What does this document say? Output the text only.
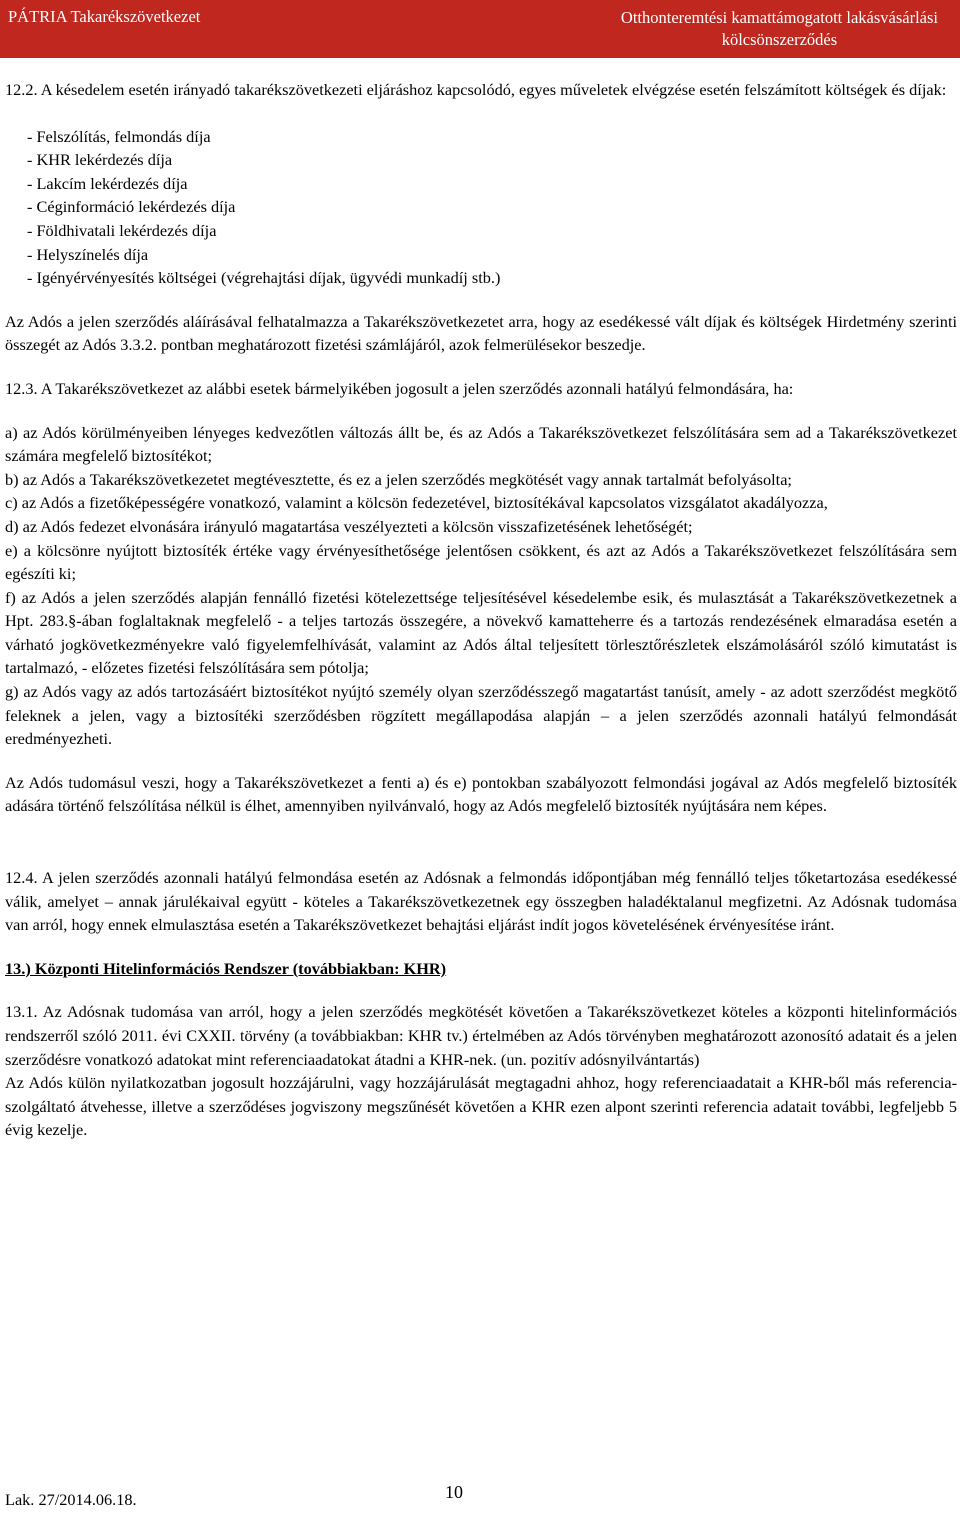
PÁTRIA Takarékszövetkezet	Otthonteremtési kamattámogatott lakásvásárlási
kölcsönszerződés

12.2. A késedelem esetén irányadó takarékszövetkezeti eljáráshoz kapcsolódó, egyes műveletek elvégzése esetén felszámított költségek és díjak:

- Felszólítás, felmondás díja
- KHR lekérdezés díja
- Lakcím lekérdezés díja
- Céginformáció lekérdezés díja
- Földhivatali lekérdezés díja
- Helyszínelés díja
- Igényérvényesítés költségei (végrehajtási díjak, ügyvédi munkadíj stb.)

Az Adós a jelen szerződés aláírásával felhatalmazza a Takarékszövetkezetet arra, hogy az esedékessé vált díjak és költségek Hirdetmény szerinti összegét az Adós 3.3.2. pontban meghatározott fizetési számlájáról, azok felmerülésekor beszedje.

12.3. A Takarékszövetkezet az alábbi esetek bármelyikében jogosult a jelen szerződés azonnali hatályú felmondására, ha:

a) az Adós körülményeiben lényeges kedvezőtlen változás állt be, és az Adós a Takarékszövetkezet felszólítására sem ad a Takarékszövetkezet számára megfelelő biztosítékot;

b) az Adós a Takarékszövetkezetet megtévesztette, és ez a jelen szerződés megkötését vagy annak tartalmát befolyásolta;

c) az Adós a fizetőképességére vonatkozó, valamint a kölcsön fedezetével, biztosítékával kapcsolatos vizsgálatot akadályozza,

d) az Adós fedezet elvonására irányuló magatartása veszélyezteti a kölcsön visszafizetésének lehetőségét;

e) a kölcsönre nyújtott biztosíték értéke vagy érvényesíthetősége jelentősen csökkent, és azt az Adós a Takarékszövetkezet felszólítására sem egészíti ki;

f) az Adós a jelen szerződés alapján fennálló fizetési kötelezettsége teljesítésével késedelembe esik, és mulasztását a Takarékszövetkezetnek a Hpt. 283.§-ában foglaltaknak megfelelő - a teljes tartozás összegére, a növekvő kamatteherre és a tartozás rendezésének elmaradása esetén a várható jogkövetkezményekre való figyelemfelhívását, valamint az Adós által teljesített törlesztőrészletek elszámolásáról szóló kimutatást is tartalmazó, - előzetes fizetési felszólítására sem pótolja;

g) az Adós vagy az adós tartozásáért biztosítékot nyújtó személy olyan szerződésszegő magatartást tanúsít, amely - az adott szerződést megkötő feleknek a jelen, vagy a biztosítéki szerződésben rögzített megállapodása alapján – a jelen szerződés azonnali hatályú felmondását eredményezheti.

Az Adós tudomásul veszi, hogy a Takarékszövetkezet a fenti a) és e) pontokban szabályozott felmondási jogával az Adós megfelelő biztosíték adására történő felszólítása nélkül is élhet, amennyiben nyilvánvaló, hogy az Adós megfelelő biztosíték nyújtására nem képes.

12.4. A jelen szerződés azonnali hatályú felmondása esetén az Adósnak a felmondás időpontjában még fennálló teljes tőketartozása esedékessé válik, amelyet – annak járulékaival együtt - köteles a Takarékszövetkezetnek egy összegben haladéktalanul megfizetni. Az Adósnak tudomása van arról, hogy ennek elmulasztása esetén a Takarékszövetkezet behajtási eljárást indít jogos követelésének érvényesítése iránt.

13.) Központi Hitelinformációs Rendszer (továbbiakban: KHR)

13.1. Az Adósnak tudomása van arról, hogy a jelen szerződés megkötését követően a Takarékszövetkezet köteles a központi hitelinformációs rendszerről szóló 2011. évi CXXII. törvény (a továbbiakban: KHR tv.) értelmében az Adós törvényben meghatározott azonosító adatait és a jelen szerződésre vonatkozó adatokat mint referenciaadatokat átadni a KHR-nek. (un. pozitív adósnyilvántartás)

Az Adós külön nyilatkozatban jogosult hozzájárulni, vagy hozzájárulását megtagadni ahhoz, hogy referenciaadatait a KHR-ből más referencia-szolgáltató átvehesse, illetve a szerződéses jogviszony megszűnését követően a KHR ezen alpont szerinti referencia adatait további, legfeljebb 5 évig kezelje.

Lak. 27/2014.06.18.	10
